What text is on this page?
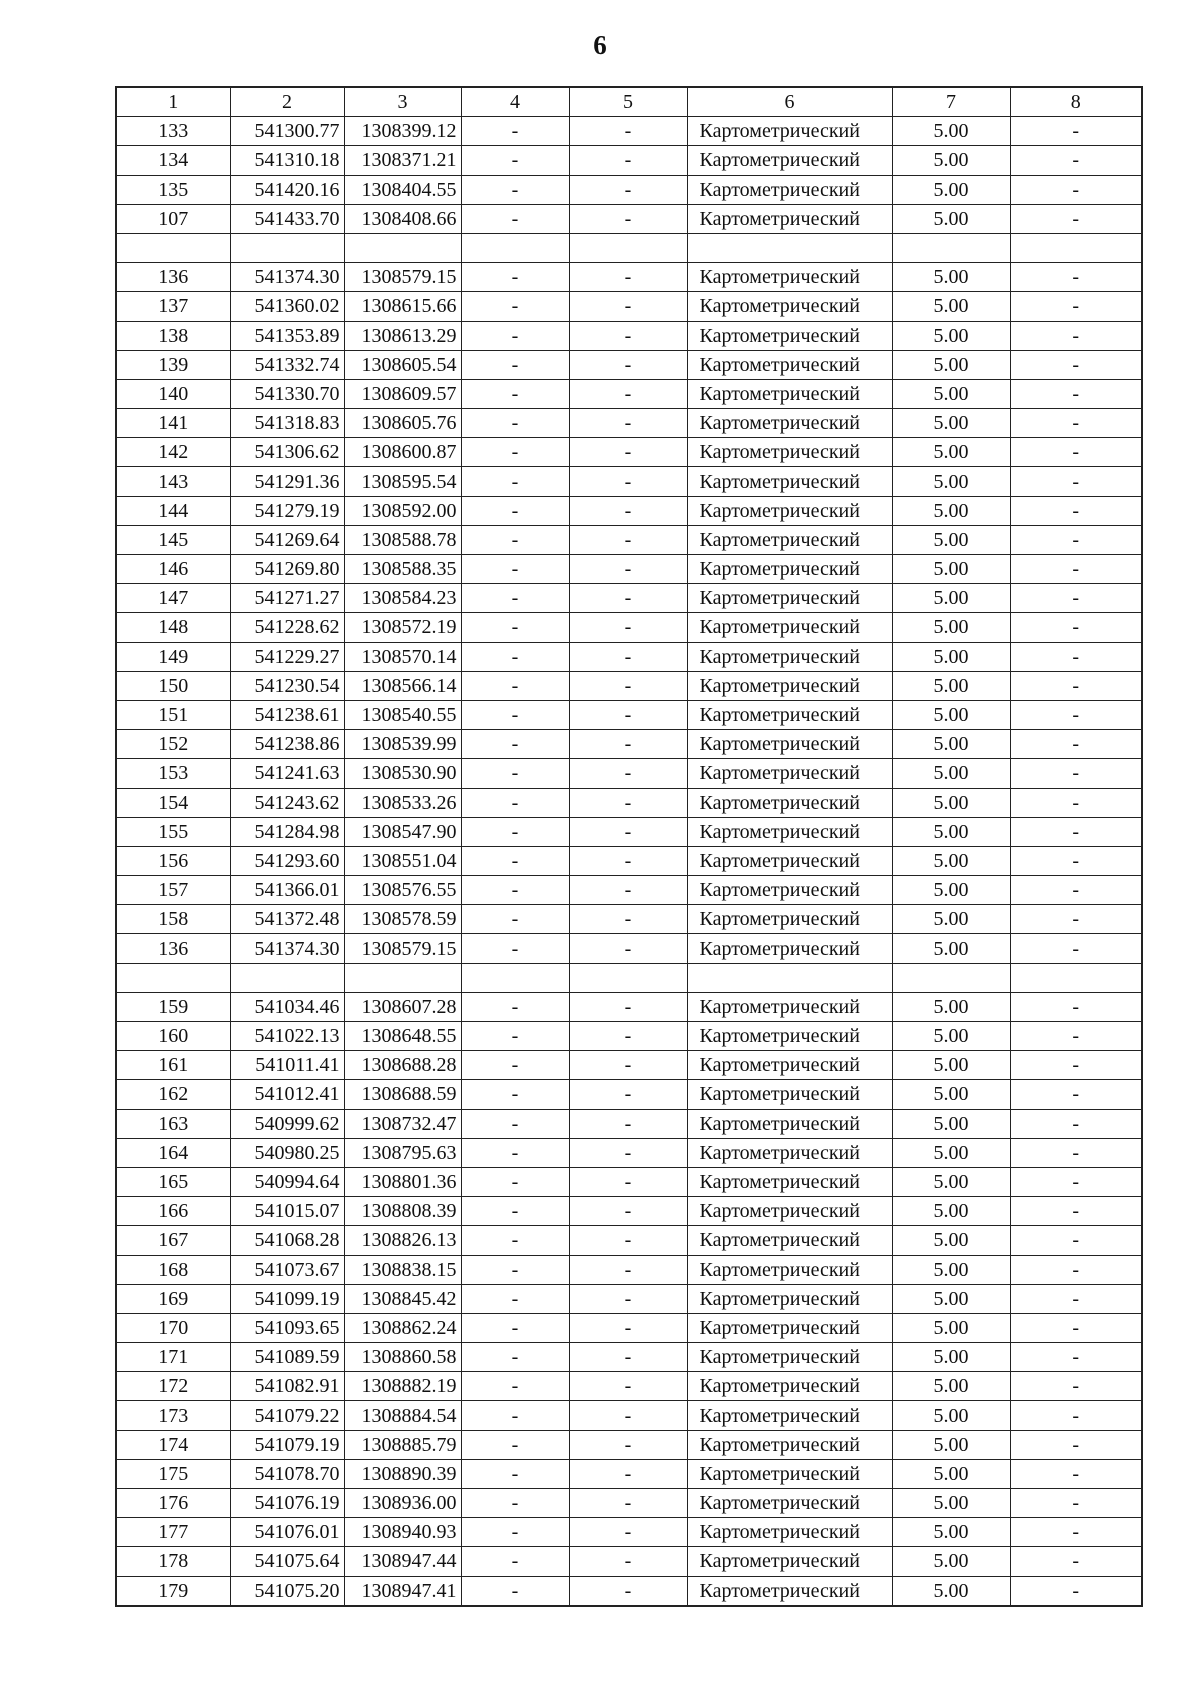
6
1	2	3	4	5	6	7	8
133	541300.77	1308399.12	-	-	Картометрический	5.00	-
134	541310.18	1308371.21	-	-	Картометрический	5.00	-
135	541420.16	1308404.55	-	-	Картометрический	5.00	-
107	541433.70	1308408.66	-	-	Картометрический	5.00	-

136	541374.30	1308579.15	-	-	Картометрический	5.00	-
137	541360.02	1308615.66	-	-	Картометрический	5.00	-
138	541353.89	1308613.29	-	-	Картометрический	5.00	-
139	541332.74	1308605.54	-	-	Картометрический	5.00	-
140	541330.70	1308609.57	-	-	Картометрический	5.00	-
141	541318.83	1308605.76	-	-	Картометрический	5.00	-
142	541306.62	1308600.87	-	-	Картометрический	5.00	-
143	541291.36	1308595.54	-	-	Картометрический	5.00	-
144	541279.19	1308592.00	-	-	Картометрический	5.00	-
145	541269.64	1308588.78	-	-	Картометрический	5.00	-
146	541269.80	1308588.35	-	-	Картометрический	5.00	-
147	541271.27	1308584.23	-	-	Картометрический	5.00	-
148	541228.62	1308572.19	-	-	Картометрический	5.00	-
149	541229.27	1308570.14	-	-	Картометрический	5.00	-
150	541230.54	1308566.14	-	-	Картометрический	5.00	-
151	541238.61	1308540.55	-	-	Картометрический	5.00	-
152	541238.86	1308539.99	-	-	Картометрический	5.00	-
153	541241.63	1308530.90	-	-	Картометрический	5.00	-
154	541243.62	1308533.26	-	-	Картометрический	5.00	-
155	541284.98	1308547.90	-	-	Картометрический	5.00	-
156	541293.60	1308551.04	-	-	Картометрический	5.00	-
157	541366.01	1308576.55	-	-	Картометрический	5.00	-
158	541372.48	1308578.59	-	-	Картометрический	5.00	-
136	541374.30	1308579.15	-	-	Картометрический	5.00	-

159	541034.46	1308607.28	-	-	Картометрический	5.00	-
160	541022.13	1308648.55	-	-	Картометрический	5.00	-
161	541011.41	1308688.28	-	-	Картометрический	5.00	-
162	541012.41	1308688.59	-	-	Картометрический	5.00	-
163	540999.62	1308732.47	-	-	Картометрический	5.00	-
164	540980.25	1308795.63	-	-	Картометрический	5.00	-
165	540994.64	1308801.36	-	-	Картометрический	5.00	-
166	541015.07	1308808.39	-	-	Картометрический	5.00	-
167	541068.28	1308826.13	-	-	Картометрический	5.00	-
168	541073.67	1308838.15	-	-	Картометрический	5.00	-
169	541099.19	1308845.42	-	-	Картометрический	5.00	-
170	541093.65	1308862.24	-	-	Картометрический	5.00	-
171	541089.59	1308860.58	-	-	Картометрический	5.00	-
172	541082.91	1308882.19	-	-	Картометрический	5.00	-
173	541079.22	1308884.54	-	-	Картометрический	5.00	-
174	541079.19	1308885.79	-	-	Картометрический	5.00	-
175	541078.70	1308890.39	-	-	Картометрический	5.00	-
176	541076.19	1308936.00	-	-	Картометрический	5.00	-
177	541076.01	1308940.93	-	-	Картометрический	5.00	-
178	541075.64	1308947.44	-	-	Картометрический	5.00	-
179	541075.20	1308947.41	-	-	Картометрический	5.00	-
